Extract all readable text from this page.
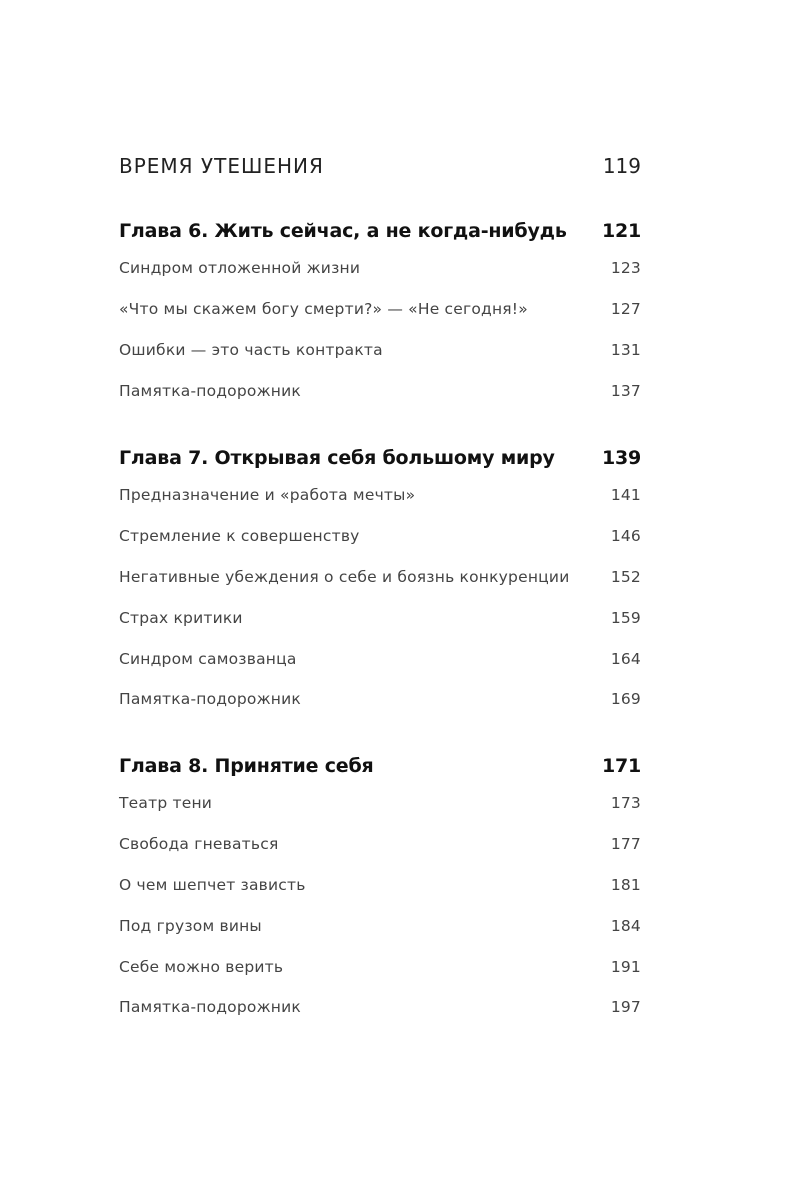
ВРЕМЯ УТЕШЕНИЯ	119
Глава 6. Жить сейчас, а не когда-нибудь 121
Синдром отложенной жизни	123
«Что мы скажем богу смерти?» — «Не сегодня!»	127
Ошибки — это часть контракта	131
Памятка-подорожник	137
Глава 7. Открывая себя большому миру 139
Предназначение и «работа мечты»	141
Стремление к совершенству	146
Негативные убеждения о себе и боязнь конкуренции	152
Страх критики	159
Синдром самозванца	164
Памятка-подорожник	169
Глава 8. Принятие себя	171
Театр тени	173
Свобода гневаться	177
О чем шепчет зависть	181
Под грузом вины	184
Себе можно верить	191
Памятка-подорожник	197
